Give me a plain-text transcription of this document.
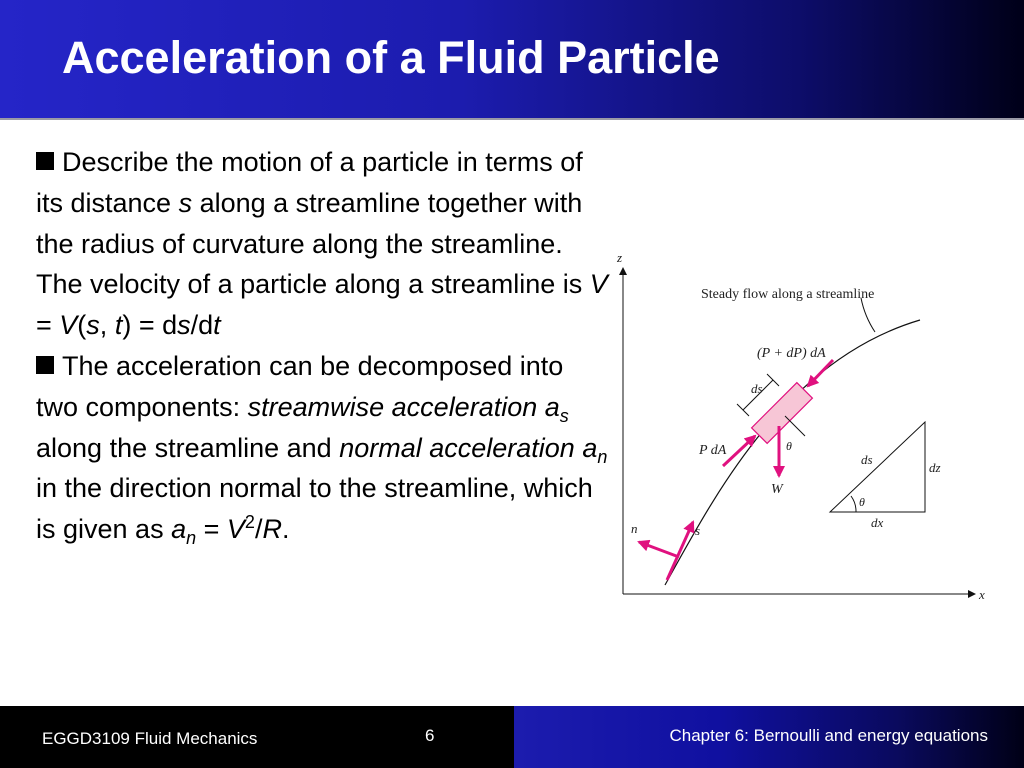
Acceleration of a Fluid Particle

Describe the motion of a particle in terms of its distance s along a streamline together with the radius of curvature along the streamline. The velocity of a particle along a streamline is V = V(s, t) = ds/dt

The acceleration can be decomposed into two components: streamwise acceleration $a_s$ along the streamline and normal acceleration $a_n$ in the direction normal to the streamline, which is given as $a_n = V^2/R$.

z
x
Steady flow along a streamline
ds
(P + dP) dA
P dA
W
θ
n	s
ds
dz
dx
θ
EGGD3109 Fluid Mechanics	6	Chapter 6: Bernoulli and energy equations
